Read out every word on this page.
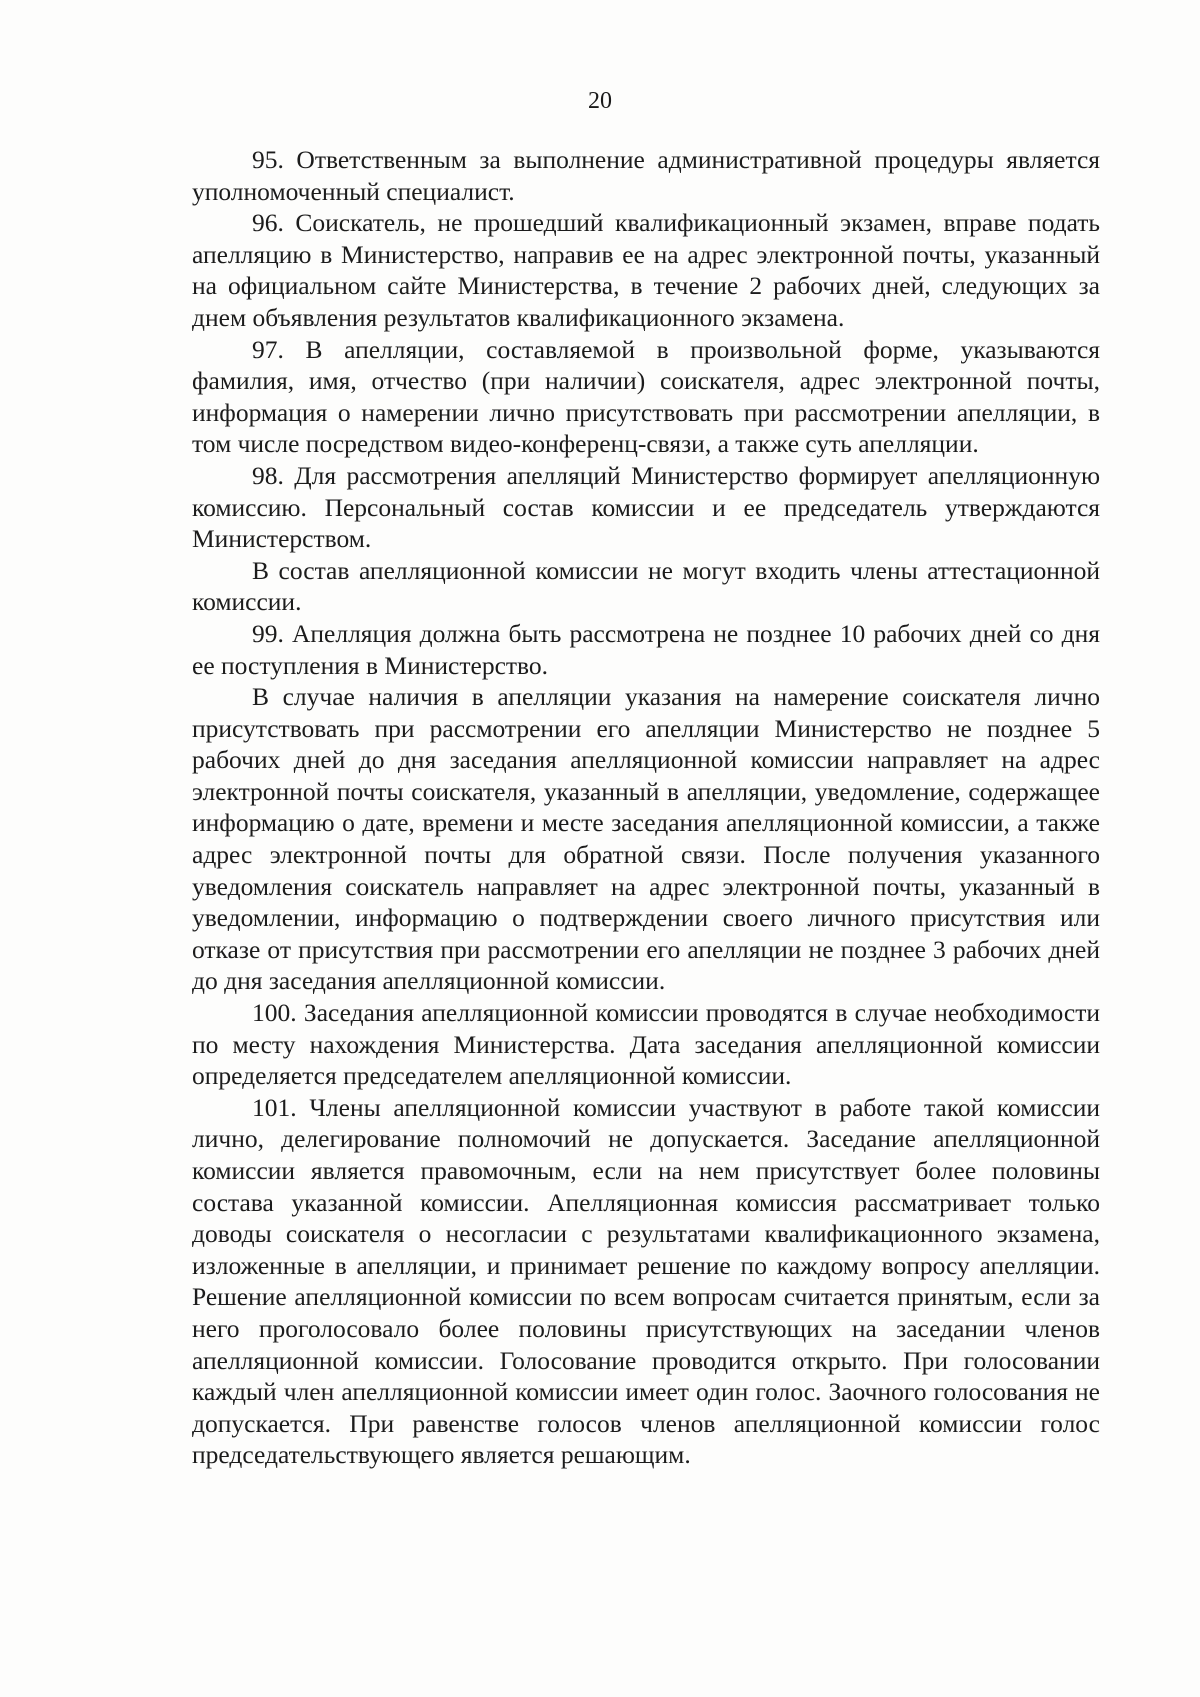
20

95. Ответственным за выполнение административной процедуры является уполномоченный специалист.

96. Соискатель, не прошедший квалификационный экзамен, вправе подать апелляцию в Министерство, направив ее на адрес электронной почты, указанный на официальном сайте Министерства, в течение 2 рабочих дней, следующих за днем объявления результатов квалификационного экзамена.

97. В апелляции, составляемой в произвольной форме, указываются фамилия, имя, отчество (при наличии) соискателя, адрес электронной почты, информация о намерении лично присутствовать при рассмотрении апелляции, в том числе посредством видео-конференц-связи, а также суть апелляции.

98. Для рассмотрения апелляций Министерство формирует апелляционную комиссию. Персональный состав комиссии и ее председатель утверждаются Министерством.

В состав апелляционной комиссии не могут входить члены аттестационной комиссии.

99. Апелляция должна быть рассмотрена не позднее 10 рабочих дней со дня ее поступления в Министерство.

В случае наличия в апелляции указания на намерение соискателя лично присутствовать при рассмотрении его апелляции Министерство не позднее 5 рабочих дней до дня заседания апелляционной комиссии направляет на адрес электронной почты соискателя, указанный в апелляции, уведомление, содержащее информацию о дате, времени и месте заседания апелляционной комиссии, а также адрес электронной почты для обратной связи. После получения указанного уведомления соискатель направляет на адрес электронной почты, указанный в уведомлении, информацию о подтверждении своего личного присутствия или отказе от присутствия при рассмотрении его апелляции не позднее 3 рабочих дней до дня заседания апелляционной комиссии.

100. Заседания апелляционной комиссии проводятся в случае необходимости по месту нахождения Министерства. Дата заседания апелляционной комиссии определяется председателем апелляционной комиссии.

101. Члены апелляционной комиссии участвуют в работе такой комиссии лично, делегирование полномочий не допускается. Заседание апелляционной комиссии является правомочным, если на нем присутствует более половины состава указанной комиссии. Апелляционная комиссия рассматривает только доводы соискателя о несогласии с результатами квалификационного экзамена, изложенные в апелляции, и принимает решение по каждому вопросу апелляции. Решение апелляционной комиссии по всем вопросам считается принятым, если за него проголосовало более половины присутствующих на заседании членов апелляционной комиссии. Голосование проводится открыто. При голосовании каждый член апелляционной комиссии имеет один голос. Заочного голосования не допускается. При равенстве голосов членов апелляционной комиссии голос председательствующего является решающим.
